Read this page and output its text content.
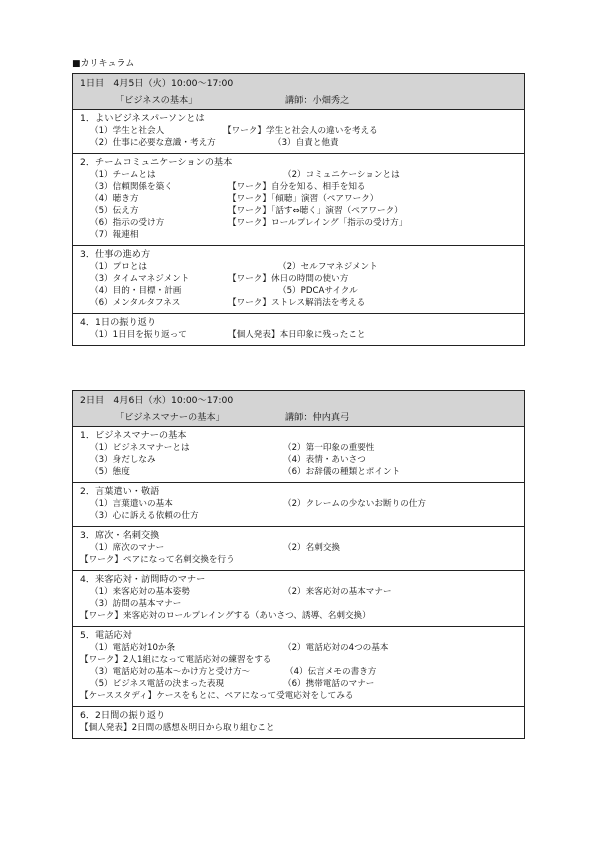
■カリキュラム
1日目　4月5日（火）10:00〜17:00
「ビジネスの基本」	講師：小畑秀之
1．よいビジネスパーソンとは
（1）学生と社会人	【ワーク】学生と社会人の違いを考える
（2）仕事に必要な意識・考え方	（3）自責と他責
2．チームコミュニケーションの基本
（1）チームとは	（2）コミュニケーションとは
（3）信頼関係を築く	【ワーク】自分を知る、相手を知る
（4）聴き方	【ワーク】「傾聴」演習（ペアワーク）
（5）伝え方	【ワーク】「話す⇔聴く」演習（ペアワーク）
（6）指示の受け方	【ワーク】ロールプレイング「指示の受け方」
（7）報連相
3．仕事の進め方
（1）プロとは	（2）セルフマネジメント
（3）タイムマネジメント	【ワーク】休日の時間の使い方
（4）目的・目標・計画	（5）PDCAサイクル
（6）メンタルタフネス	【ワーク】ストレス解消法を考える
4．1日の振り返り
（1）1日目を振り返って	【個人発表】本日印象に残ったこと
2日目　4月6日（水）10:00〜17:00
「ビジネスマナーの基本」	講師：仲内真弓
1．ビジネスマナーの基本
（1）ビジネスマナーとは	（2）第一印象の重要性
（3）身だしなみ	（4）表情・あいさつ
（5）態度	（6）お辞儀の種類とポイント
2．言葉遣い・敬語
（1）言葉遣いの基本	（2）クレームの少ないお断りの仕方
（3）心に訴える依頼の仕方
3．席次・名刺交換
（1）席次のマナー	（2）名刺交換
【ワーク】ペアになって名刺交換を行う
4．来客応対・訪問時のマナー
（1）来客応対の基本姿勢	（2）来客応対の基本マナー
（3）訪問の基本マナー
【ワーク】来客応対のロールプレイングする（あいさつ、誘導、名刺交換）
5．電話応対
（1）電話応対10か条	（2）電話応対の4つの基本
【ワーク】2人1組になって電話応対の練習をする
（3）電話応対の基本〜かけ方と受け方〜	（4）伝言メモの書き方
（5）ビジネス電話の決まった表現	（6）携帯電話のマナー
【ケーススタディ】ケースをもとに、ペアになって受電応対をしてみる
6．2日間の振り返り
【個人発表】2日間の感想＆明日から取り組むこと
